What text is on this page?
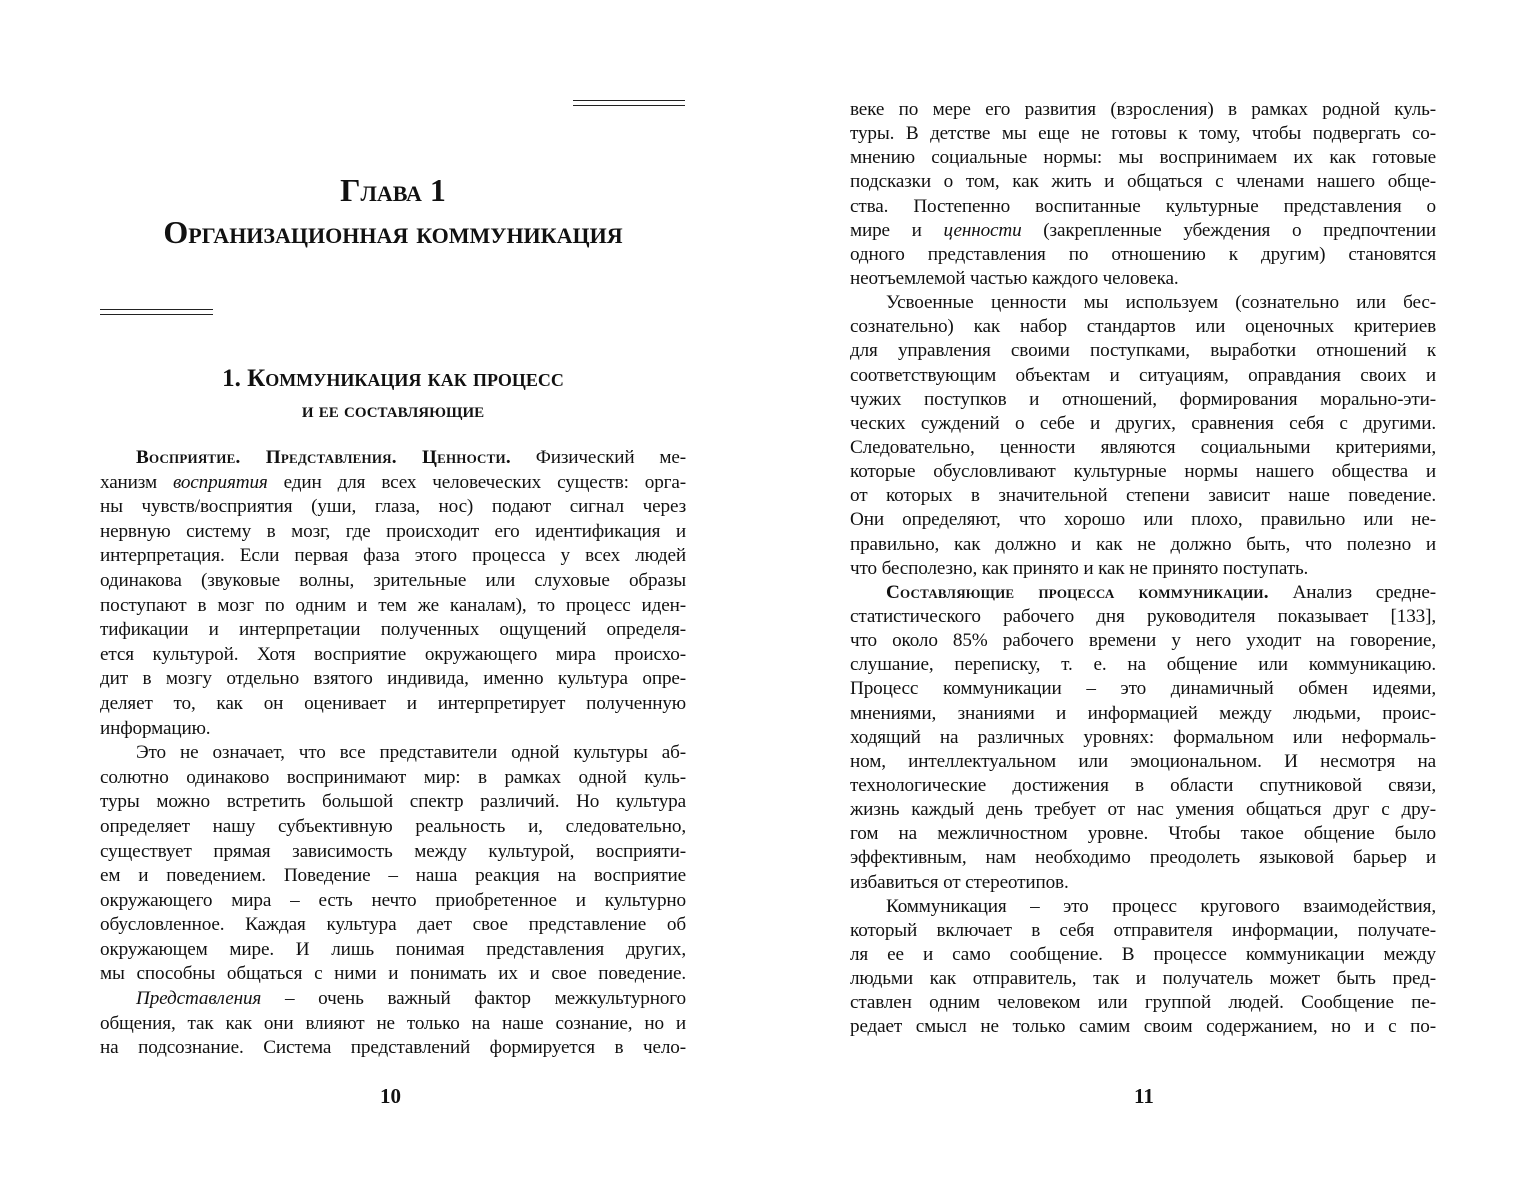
Глава 1
Организационная коммуникация
1. Коммуникация как процесс
и ее составляющие
Восприятие. Представления. Ценности. Физический ме-
ханизм восприятия един для всех человеческих существ: орга-
ны чувств/восприятия (уши, глаза, нос) подают сигнал через
нервную систему в мозг, где происходит его идентификация и
интерпретация. Если первая фаза этого процесса у всех людей
одинакова (звуковые волны, зрительные или слуховые образы
поступают в мозг по одним и тем же каналам), то процесс иден-
тификации и интерпретации полученных ощущений определя-
ется культурой. Хотя восприятие окружающего мира происхо-
дит в мозгу отдельно взятого индивида, именно культура опре-
деляет то, как он оценивает и интерпретирует полученную
информацию.
Это не означает, что все представители одной культуры аб-
солютно одинаково воспринимают мир: в рамках одной куль-
туры можно встретить большой спектр различий. Но культура
определяет нашу субъективную реальность и, следовательно,
существует прямая зависимость между культурой, восприяти-
ем и поведением. Поведение – наша реакция на восприятие
окружающего мира – есть нечто приобретенное и культурно
обусловленное. Каждая культура дает свое представление об
окружающем мире. И лишь понимая представления других,
мы способны общаться с ними и понимать их и свое поведение.
Представления – очень важный фактор межкультурного
общения, так как они влияют не только на наше сознание, но и
на подсознание. Система представлений формируется в чело-
10
веке по мере его развития (взросления) в рамках родной куль-
туры. В детстве мы еще не готовы к тому, чтобы подвергать со-
мнению социальные нормы: мы воспринимаем их как готовые
подсказки о том, как жить и общаться с членами нашего обще-
ства. Постепенно воспитанные культурные представления о
мире и ценности (закрепленные убеждения о предпочтении
одного представления по отношению к другим) становятся
неотъемлемой частью каждого человека.
Усвоенные ценности мы используем (сознательно или бес-
сознательно) как набор стандартов или оценочных критериев
для управления своими поступками, выработки отношений к
соответствующим объектам и ситуациям, оправдания своих и
чужих поступков и отношений, формирования морально-эти-
ческих суждений о себе и других, сравнения себя с другими.
Следовательно, ценности являются социальными критериями,
которые обусловливают культурные нормы нашего общества и
от которых в значительной степени зависит наше поведение.
Они определяют, что хорошо или плохо, правильно или не-
правильно, как должно и как не должно быть, что полезно и
что бесполезно, как принято и как не принято поступать.
Составляющие процесса коммуникации. Анализ средне-
статистического рабочего дня руководителя показывает [133],
что около 85% рабочего времени у него уходит на говорение,
слушание, переписку, т. е. на общение или коммуникацию.
Процесс коммуникации – это динамичный обмен идеями,
мнениями, знаниями и информацией между людьми, проис-
ходящий на различных уровнях: формальном или неформаль-
ном, интеллектуальном или эмоциональном. И несмотря на
технологические достижения в области спутниковой связи,
жизнь каждый день требует от нас умения общаться друг с дру-
гом на межличностном уровне. Чтобы такое общение было
эффективным, нам необходимо преодолеть языковой барьер и
избавиться от стереотипов.
Коммуникация – это процесс кругового взаимодействия,
который включает в себя отправителя информации, получате-
ля ее и само сообщение. В процессе коммуникации между
людьми как отправитель, так и получатель может быть пред-
ставлен одним человеком или группой людей. Сообщение пе-
редает смысл не только самим своим содержанием, но и с по-
11
